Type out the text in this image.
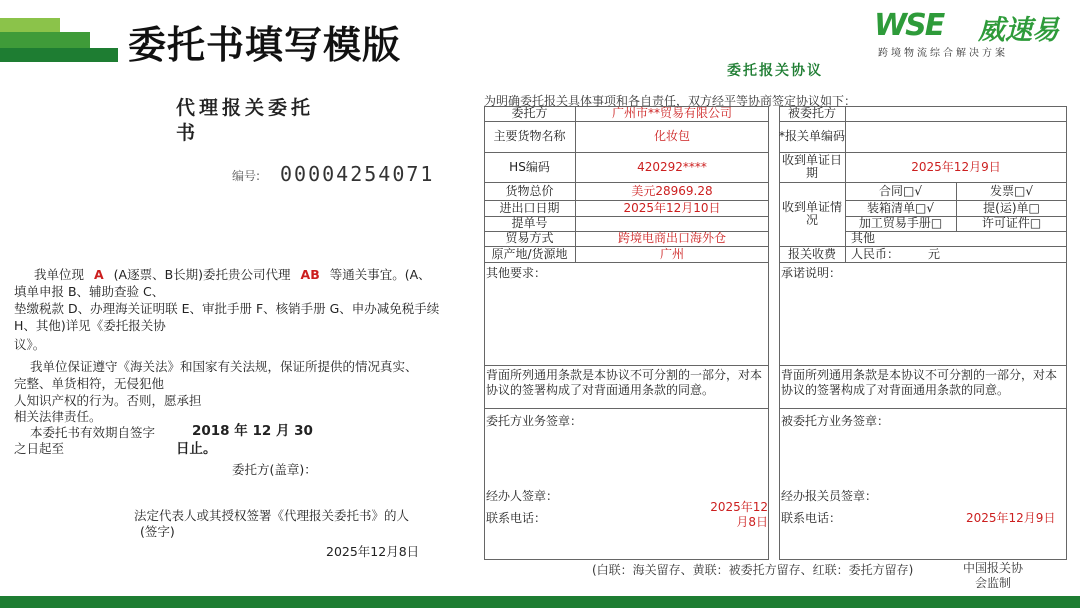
委托书填写模版	WSE 威速易
跨境物流综合解决方案
代理报关委托书
编号: 00004254071
我单位现 A (A逐票、B长期)委托贵公司代理 AB 等通关事宜。(A、
填单申报 B、辅助查验 C、
垫缴税款 D、办理海关证明联 E、审批手册 F、核销手册 G、申办减免税手续
H、其他)详见《委托报关协
议》。
我单位保证遵守《海关法》和国家有关法规，保证所提供的情况真实、
完整、单货相符，无侵犯他
人知识产权的行为。否则，愿承担
相关法律责任。
本委托书有效期自签字
之日起至
2018 年 12 月 30
日止。
委托方(盖章)：
法定代表人或其授权签署《代理报关委托书》的人
(签字)
2025年12月8日
委托报关协议
为明确委托报关具体事项和各自责任，双方经平等协商签定协议如下：
委托方	广州市**贸易有限公司
主要货物名称	化妆包
HS编码	420292****
货物总价	美元28969.28
进出口日期	2025年12月10日
提单号
贸易方式	跨境电商出口海外仓
原产地/货源地	广州
其他要求：
背面所列通用条款是本协议不可分割的一部分，对本协议的签署构成了对背面通用条款的同意。
委托方业务签章：
经办人签章：
联系电话：
2025年12月8日
被委托方
*报关单编码
收到单证日期	2025年12月9日
收到单证情况
合同□√	发票□√
装箱清单□√	提(运)单□
加工贸易手册□	许可证件□
其他
报关收费	人民币：	元
承诺说明：
背面所列通用条款是本协议不可分割的一部分，对本协议的签署构成了对背面通用条款的同意。
被委托方业务签章：
经办报关员签章：
联系电话：	2025年12月9日
(白联：海关留存、黄联：被委托方留存、红联：委托方留存)	中国报关协会监制
